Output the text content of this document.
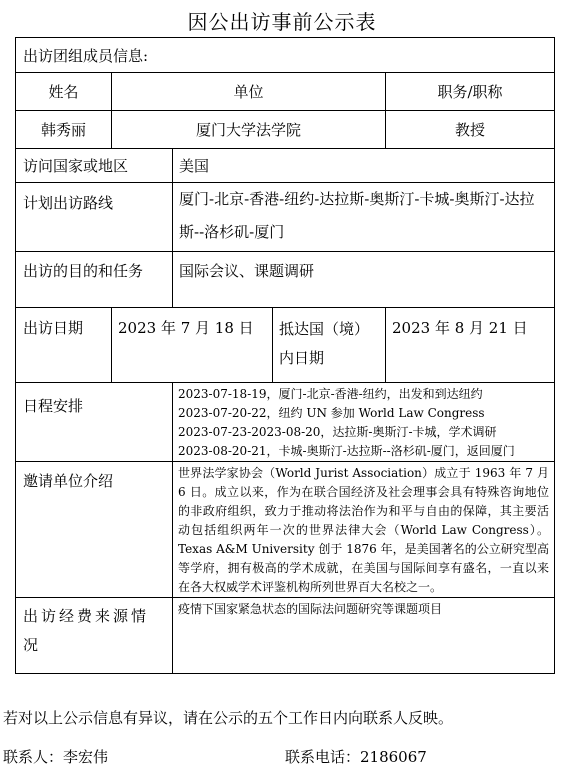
因公出访事前公示表
出访团组成员信息:				
姓名	单位			职务/职称
韩秀丽	厦门大学法学院			教授
访问国家或地区		美国		
计划出访路线		厦门-北京-香港-纽约-达拉斯-奥斯汀-卡城-奥斯汀-达拉斯--洛杉矶-厦门		
出访的目的和任务		国际会议、课题调研		
出访日期	2023 年 7 月 18 日		抵达国（境）内日期	2023 年 8 月 21 日
日程安排		2023-07-18-19，厦门-北京-香港-纽约，出发和到达纽约
2023-07-20-22，纽约 UN 参加 World Law Congress
2023-07-23-2023-08-20，达拉斯-奥斯汀-卡城，学术调研
2023-08-20-21，卡城-奥斯汀-达拉斯--洛杉矶-厦门，返回厦门		

邀请单位介绍		世界法学家协会（World Jurist Association）成立于 1963 年 7 月 6 日。成立以来，作为在联合国经济及社会理事会具有特殊咨询地位的非政府组织，致力于推动将法治作为和平与自由的保障，其主要活动包括组织两年一次的世界法律大会（World Law Congress）。Texas A&M University 创于 1876 年，是美国著名的公立研究型高等学府，拥有极高的学术成就，在美国与国际间享有盛名，一直以来在各大权威学术评鉴机构所列世界百大名校之一。		
出访经费来源情况		疫情下国家紧急状态的国际法问题研究等课题项目		
若对以上公示信息有异议，请在公示的五个工作日内向联系人反映。
联系人：李宏伟	联系电话：2186067
